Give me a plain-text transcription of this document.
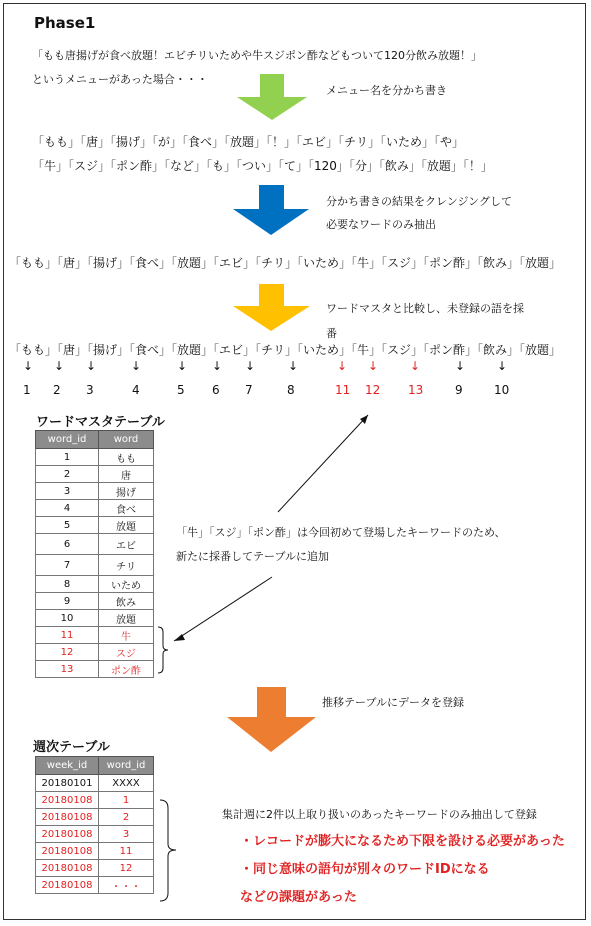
Phase1
「もも唐揚げが食べ放題！エビチリいためや牛スジポン酢などもついて120分飲み放題！」
というメニューがあった場合・・・
メニュー名を分かち書き
「もも」「唐」「揚げ」「が」「食べ」「放題」「！」「エビ」「チリ」「いため」「や」
「牛」「スジ」「ポン酢」「など」「も」「つい」「て」「120」「分」「飲み」「放題」「！」
分かち書きの結果をクレンジングして
必要なワードのみ抽出
「もも」「唐」「揚げ」「食べ」「放題」「エビ」「チリ」「いため」「牛」「スジ」「ポン酢」「飲み」「放題」
ワードマスタと比較し、未登録の語を採
番
「もも」「唐」「揚げ」「食べ」「放題」「エビ」「チリ」「いため」「牛」「スジ」「ポン酢」「飲み」「放題」
↓ ↓ ↓	↓	↓ ↓ ↓	↓	↓ ↓	↓	↓	↓
1 2 3	4	5 6 7	8	11 12 13	9	10
ワードマスタテーブル
word_id	word
1	もも
2	唐
3	揚げ
4	食べ
5	放題
6	エビ
7	チリ
8	いため
9	飲み
10	放題
11	牛
12	スジ
13	ポン酢
「牛」「スジ」「ポン酢」は今回初めて登場したキーワードのため、
新たに採番してテーブルに追加
推移テーブルにデータを登録
週次テーブル
week_id	word_id
20180101	XXXX
20180108	1
20180108	2
20180108	3
20180108	11
20180108	12
20180108	・・・
集計週に2件以上取り扱いのあったキーワードのみ抽出して登録
・レコードが膨大になるため下限を設ける必要があった
・同じ意味の語句が別々のワードIDになる
などの課題があった
